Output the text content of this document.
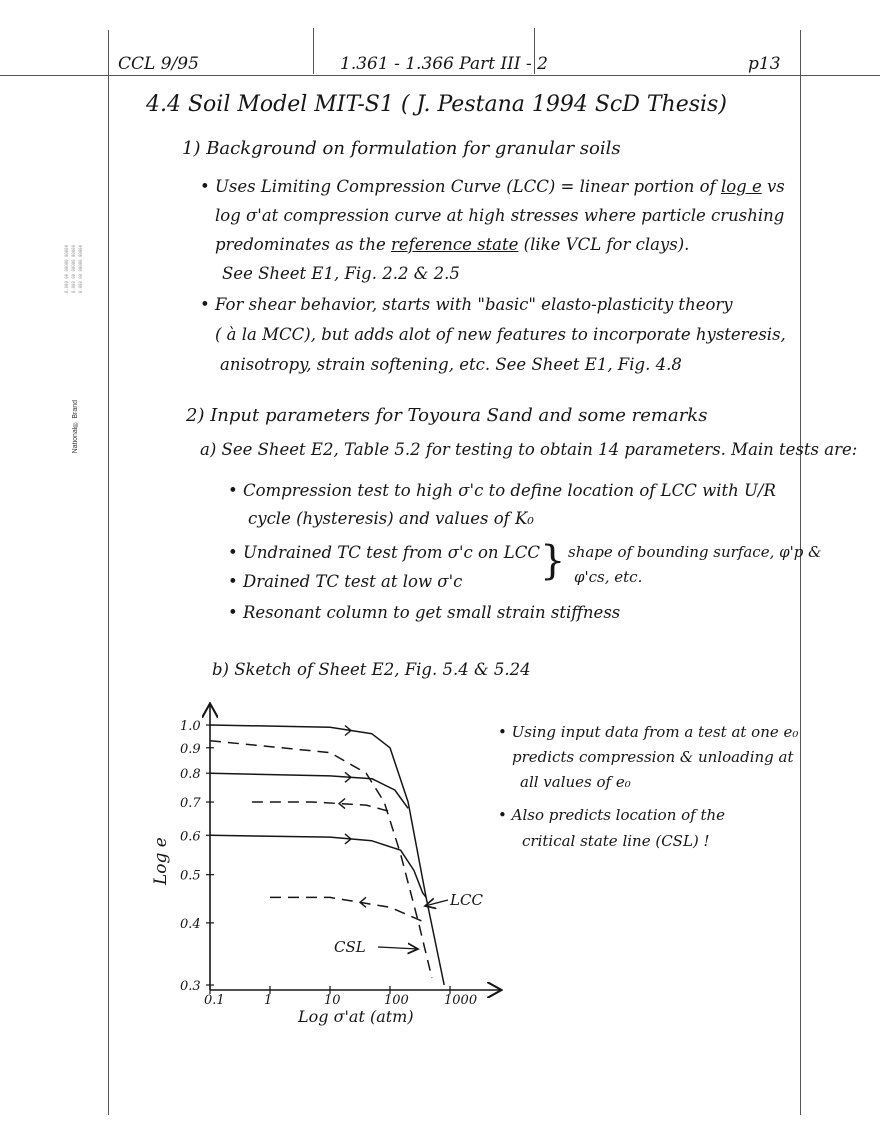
CCL 9/95	1.361 - 1.366 Part III - 2	p13
0.000 00 00000 00000 0.000 00 00000 00000 0.000 00 00000 00000
National® Brand
4.4 Soil Model MIT-S1 ( J. Pestana 1994 ScD Thesis)
1) Background on formulation for granular soils
• Uses Limiting Compression Curve (LCC) = linear portion of log e vs
log σ'at compression curve at high stresses where particle crushing
predominates as the reference state (like VCL for clays).
See Sheet E1, Fig. 2.2 & 2.5
• For shear behavior, starts with "basic" elasto-plasticity theory
( à la MCC), but adds alot of new features to incorporate hysteresis,
anisotropy, strain softening, etc. See Sheet E1, Fig. 4.8
2) Input parameters for Toyoura Sand and some remarks
a) See Sheet E2, Table 5.2 for testing to obtain 14 parameters. Main tests are:
• Compression test to high σ'c to define location of LCC with U/R
cycle (hysteresis) and values of K₀
• Undrained TC test from σ'c on LCC
• Drained TC test at low σ'c } shape of bounding surface, φ'p &
φ'cs, etc.
• Resonant column to get small strain stiffness
b) Sketch of Sheet E2, Fig. 5.4 & 5.24
• Using input data from a test at one e₀
predicts compression & unloading at
all values of e₀
• Also predicts location of the
critical state line (CSL) !
0.1	1	10	100	1000
0.3
0.4
0.5
0.6
0.7
0.8
0.9
1.0
Log e
Log σ'at (atm)
LCC
CSL
